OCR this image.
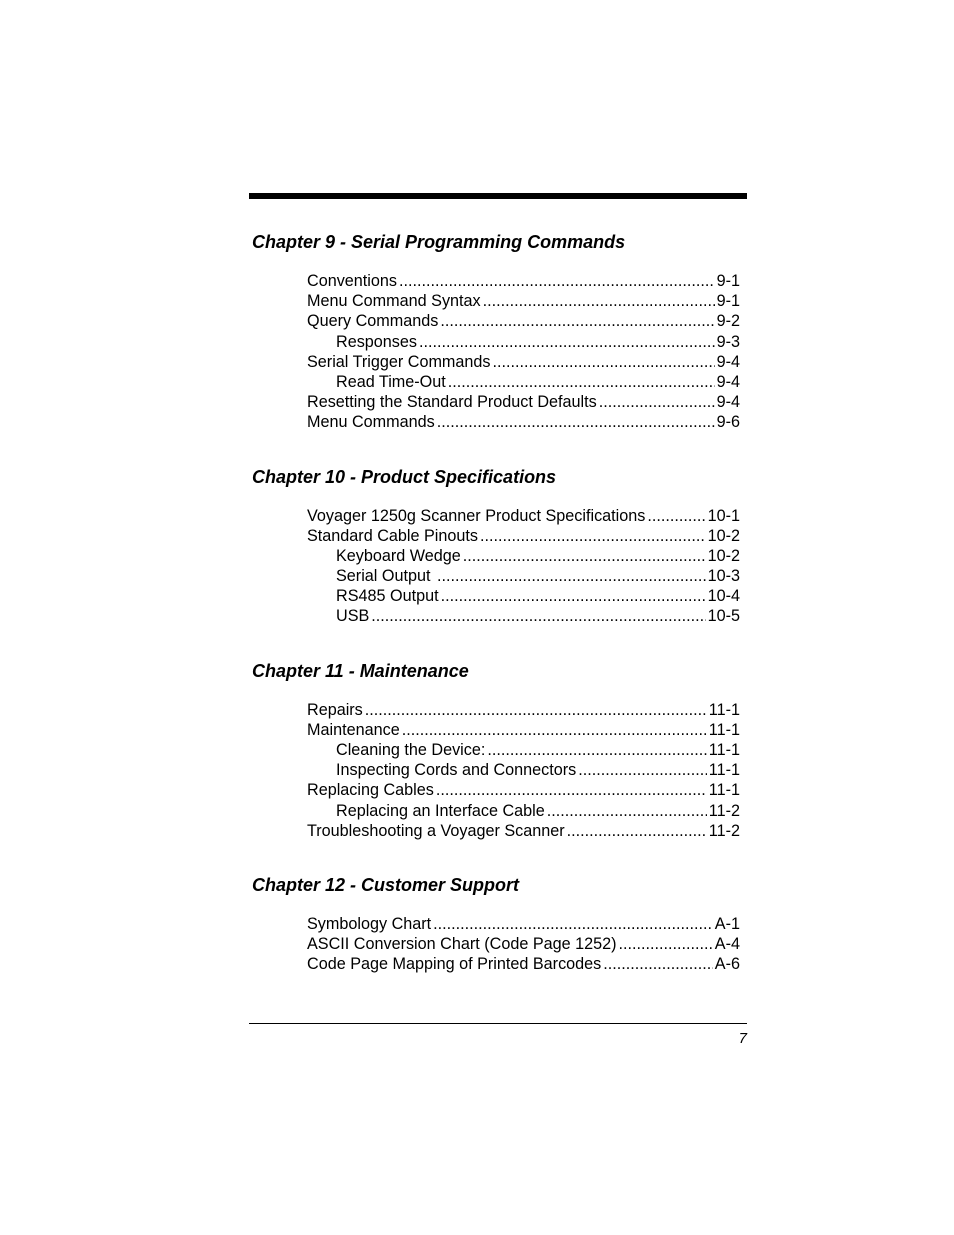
Chapter 9 - Serial Programming Commands
Conventions .....	9-1
Menu Command Syntax .....	9-1
Query Commands .....	9-2
Responses .....	9-3
Serial Trigger Commands .....	9-4
Read Time-Out .....	9-4
Resetting the Standard Product Defaults .....	9-4
Menu Commands .....	9-6
Chapter 10 - Product Specifications
Voyager 1250g Scanner Product Specifications .....	10-1
Standard Cable Pinouts .....	10-2
Keyboard Wedge .....	10-2
Serial Output .....	10-3
RS485 Output .....	10-4
USB .....	10-5
Chapter 11 - Maintenance
Repairs .....	11-1
Maintenance .....	11-1
Cleaning the Device: .....	11-1
Inspecting Cords and Connectors .....	11-1
Replacing Cables .....	11-1
Replacing an Interface Cable .....	11-2
Troubleshooting a Voyager Scanner .....	11-2
Chapter 12 - Customer Support
Symbology Chart .....	A-1
ASCII Conversion Chart (Code Page 1252) .....	A-4
Code Page Mapping of Printed Barcodes .....	A-6
7
